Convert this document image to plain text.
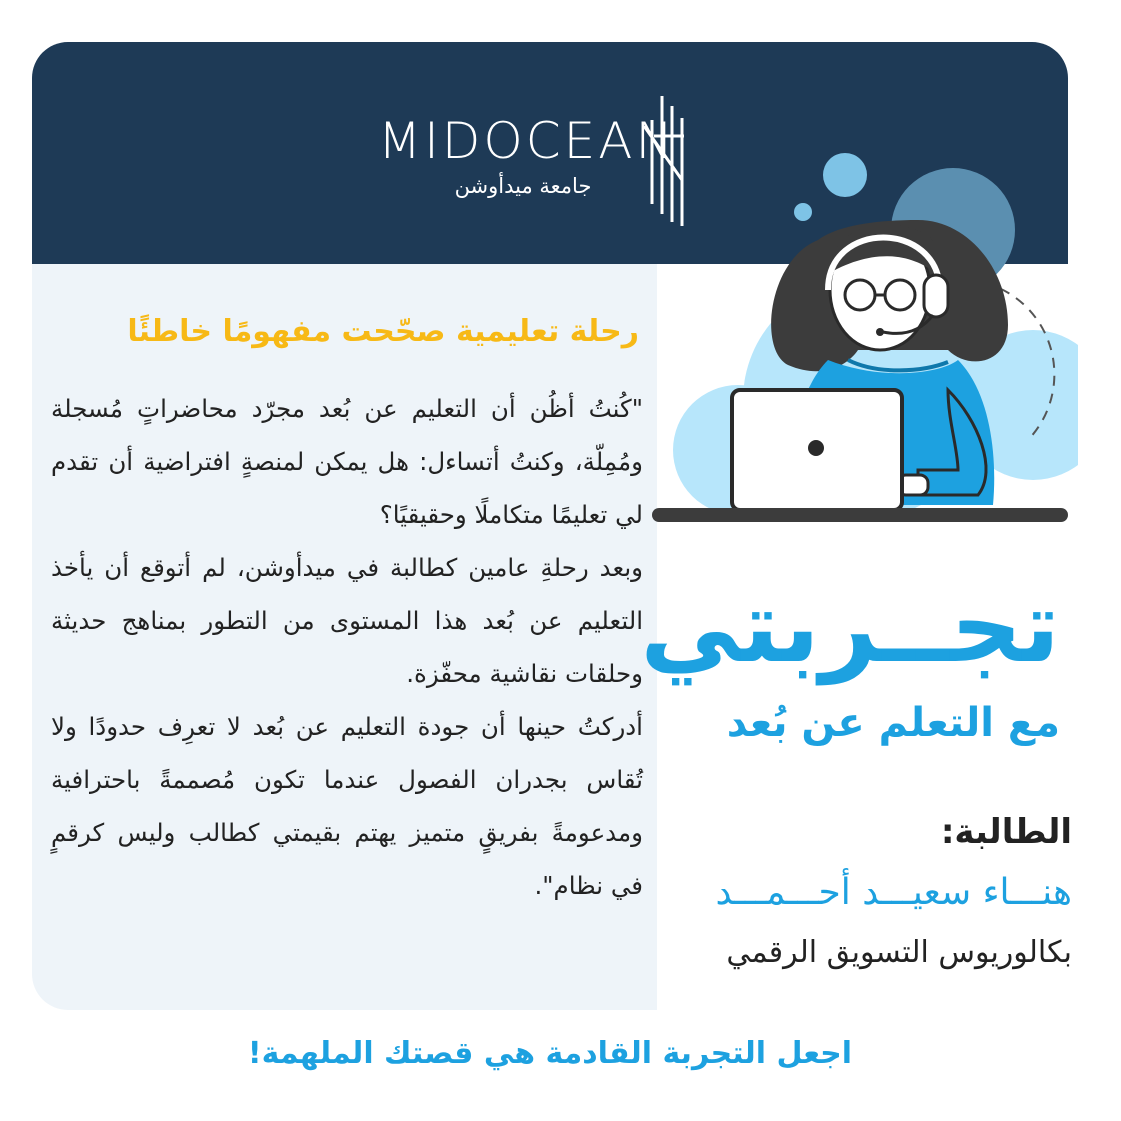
MIDOCEAN
جامعة ميدأوشن
رحلة تعليمية صحّحت مفهومًا خاطئًا

"كُنتُ أظُن أن التعليم عن بُعد مجرّد محاضراتٍ مُسجلة ومُمِلّة، وكنتُ أتساءل: هل يمكن لمنصةٍ افتراضية أن تقدم لي تعليمًا متكاملًا وحقيقيًا؟

وبعد رحلةِ عامين كطالبة في ميدأوشن، لم أتوقع أن يأخذ التعليم عن بُعد هذا المستوى من التطور بمناهج حديثة وحلقات نقاشية محفّزة.

أدركتُ حينها أن جودة التعليم عن بُعد لا تعرِف حدودًا ولا تُقاس بجدران الفصول عندما تكون مُصممةً باحترافية ومدعومةً بفريقٍ متميز يهتم بقيمتي كطالب وليس كرقمٍ في نظام".

تجــربتي
مع التعلم عن بُعد
الطالبة:
هنـــاء سعيـــد أحـــمـــد
بكالوريوس التسويق الرقمي
اجعل التجربة القادمة هي قصتك الملهمة!
